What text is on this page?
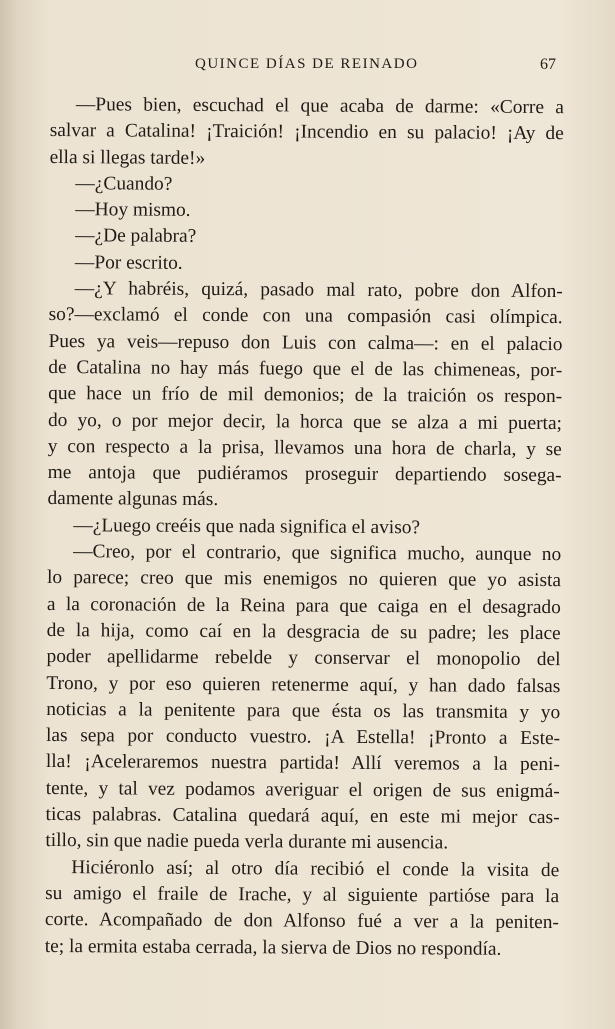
QUINCE DÍAS DE REINADO	67

—Pues bien, escuchad el que acaba de darme: «Corre a
salvar a Catalina! ¡Traición! ¡Incendio en su palacio! ¡Ay de
ella si llegas tarde!»

—¿Cuando?

—Hoy mismo.

—¿De palabra?

—Por escrito.

—¿Y habréis, quizá, pasado mal rato, pobre don Alfon-
so?—exclamó el conde con una compasión casi olímpica.
Pues ya veis—repuso don Luis con calma—: en el palacio
de Catalina no hay más fuego que el de las chimeneas, por-
que hace un frío de mil demonios; de la traición os respon-
do yo, o por mejor decir, la horca que se alza a mi puerta;
y con respecto a la prisa, llevamos una hora de charla, y se
me antoja que pudiéramos proseguir departiendo sosega-
damente algunas más.

—¿Luego creéis que nada significa el aviso?

—Creo, por el contrario, que significa mucho, aunque no
lo parece; creo que mis enemigos no quieren que yo asista
a la coronación de la Reina para que caiga en el desagrado
de la hija, como caí en la desgracia de su padre; les place
poder apellidarme rebelde y conservar el monopolio del
Trono, y por eso quieren retenerme aquí, y han dado falsas
noticias a la penitente para que ésta os las transmita y yo
las sepa por conducto vuestro. ¡A Estella! ¡Pronto a Este-
lla! ¡Aceleraremos nuestra partida! Allí veremos a la peni-
tente, y tal vez podamos averiguar el origen de sus enigmá-
ticas palabras. Catalina quedará aquí, en este mi mejor cas-
tillo, sin que nadie pueda verla durante mi ausencia.

Hiciéronlo así; al otro día recibió el conde la visita de
su amigo el fraile de Irache, y al siguiente partióse para la
corte. Acompañado de don Alfonso fué a ver a la peniten-
te; la ermita estaba cerrada, la sierva de Dios no respondía.
